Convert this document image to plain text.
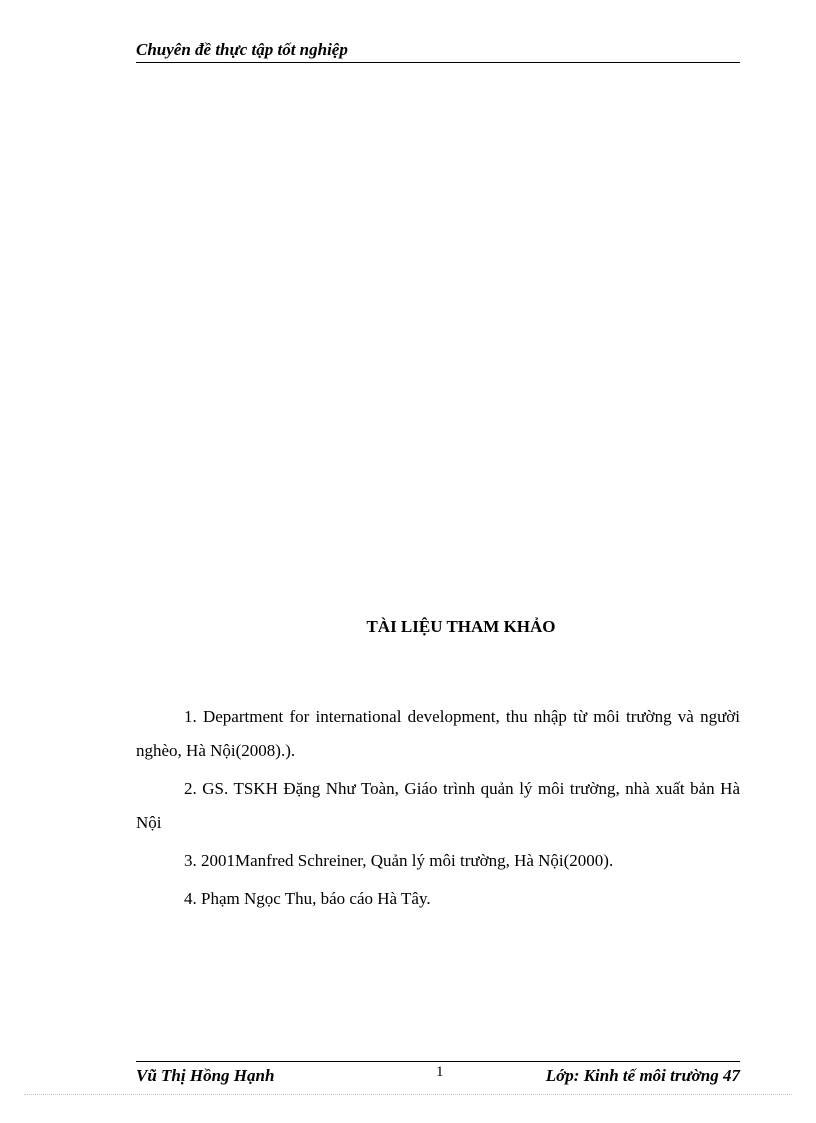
Chuyên đề thực tập tốt nghiệp
TÀI LIỆU THAM KHẢO
1. Department for international development, thu nhập từ môi trường và người nghèo, Hà Nội(2008).).
2. GS. TSKH Đặng Như Toàn, Giáo trình quản lý môi trường, nhà xuất bản Hà Nội
3. 2001Manfred Schreiner, Quản lý môi trường, Hà Nội(2000).
4. Phạm Ngọc Thu, báo cáo Hà Tây.
Vũ Thị Hồng Hạnh	1	Lớp: Kinh tế môi trường 47
